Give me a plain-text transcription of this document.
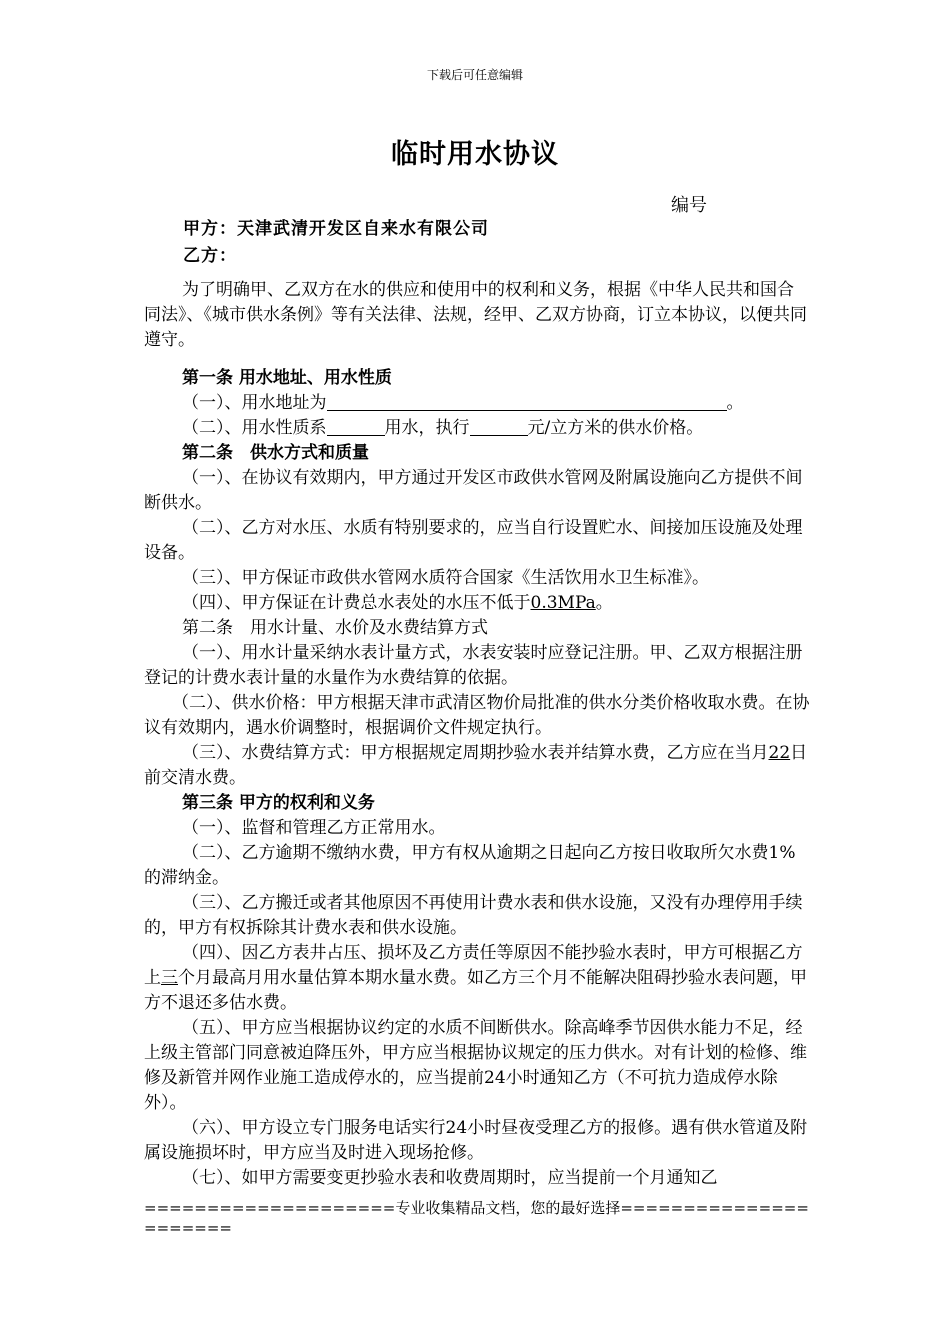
下载后可任意编辑
临时用水协议
编号
甲方：天津武清开发区自来水有限公司
乙方：

为了明确甲、乙双方在水的供应和使用中的权利和义务，根据《中华人民共和国合同法》、《城市供水条例》等有关法律、法规，经甲、乙双方协商，订立本协议，以便共同遵守。

第一条 用水地址、用水性质

（一）、用水地址为	。

（二）、用水性质系	用水，执行	元/立方米的供水价格。

第二条　供水方式和质量

（一）、在协议有效期内，甲方通过开发区市政供水管网及附属设施向乙方提供不间断供水。

（二）、乙方对水压、水质有特别要求的，应当自行设置贮水、间接加压设施及处理设备。

（三）、甲方保证市政供水管网水质符合国家《生活饮用水卫生标准》。

（四）、甲方保证在计费总水表处的水压不低于0.3MPa。

第二条　用水计量、水价及水费结算方式

（一）、用水计量采纳水表计量方式，水表安装时应登记注册。甲、乙双方根据注册登记的计费水表计量的水量作为水费结算的依据。

（二）、供水价格：甲方根据天津市武清区物价局批准的供水分类价格收取水费。在协议有效期内，遇水价调整时，根据调价文件规定执行。

（三）、水费结算方式：甲方根据规定周期抄验水表并结算水费，乙方应在当月22日前交清水费。

第三条 甲方的权利和义务

（一）、监督和管理乙方正常用水。

（二）、乙方逾期不缴纳水费，甲方有权从逾期之日起向乙方按日收取所欠水费1%的滞纳金。

（三）、乙方搬迁或者其他原因不再使用计费水表和供水设施，又没有办理停用手续的，甲方有权拆除其计费水表和供水设施。

（四）、因乙方表井占压、损坏及乙方责任等原因不能抄验水表时，甲方可根据乙方上三个月最高月用水量估算本期水量水费。如乙方三个月不能解决阻碍抄验水表问题，甲方不退还多估水费。

（五）、甲方应当根据协议约定的水质不间断供水。除高峰季节因供水能力不足，经上级主管部门同意被迫降压外，甲方应当根据协议规定的压力供水。对有计划的检修、维修及新管并网作业施工造成停水的，应当提前24小时通知乙方（不可抗力造成停水除外）。

（六）、甲方设立专门服务电话实行24小时昼夜受理乙方的报修。遇有供水管道及附属设施损坏时，甲方应当及时进入现场抢修。

（七）、如甲方需要变更抄验水表和收费周期时，应当提前一个月通知乙

====================专业收集精品文档，您的最好选择======================
